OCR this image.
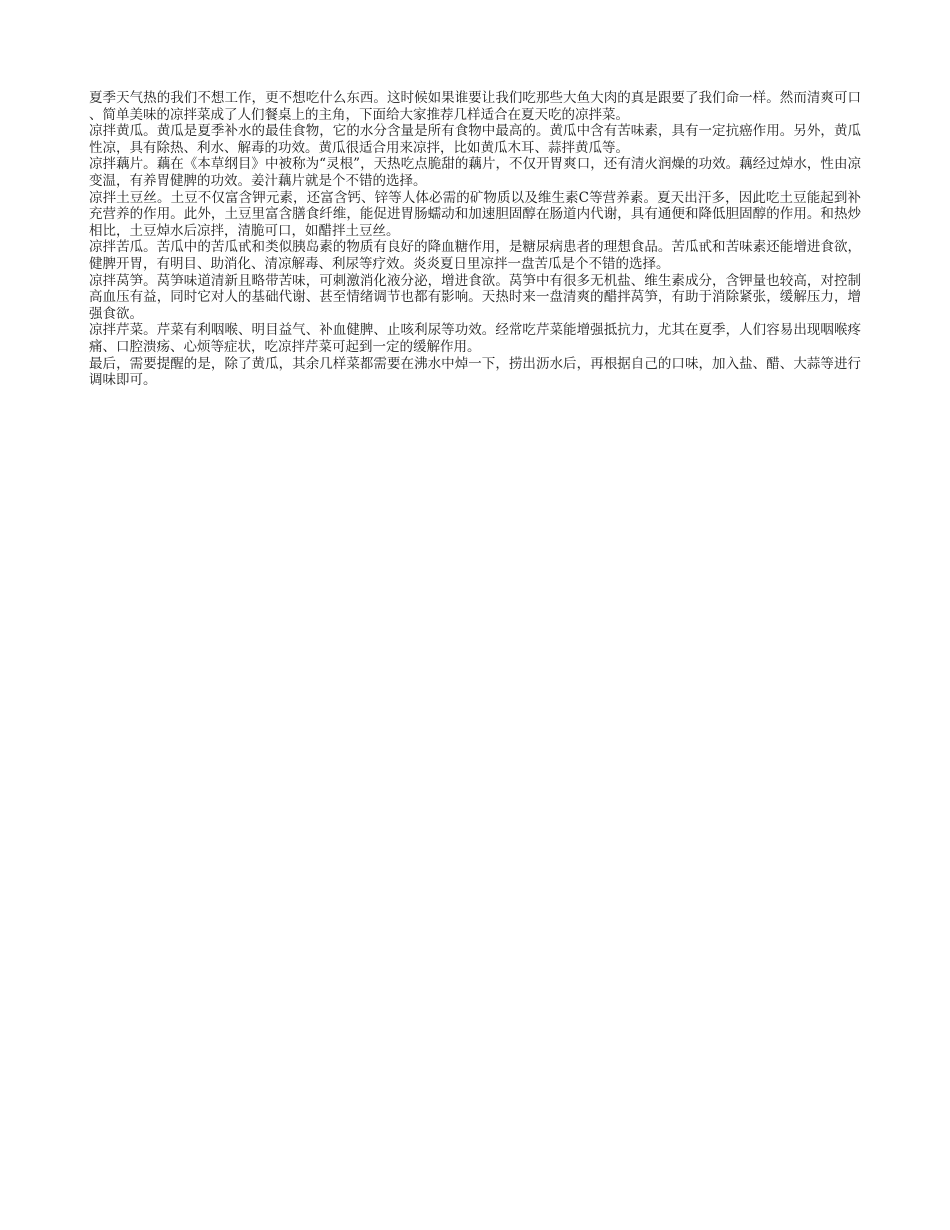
夏季天气热的我们不想工作，更不想吃什么东西。这时候如果谁要让我们吃那些大鱼大肉的真是跟要了我们命一样。然而清爽可口、简单美味的凉拌菜成了人们餐桌上的主角，下面给大家推荐几样适合在夏天吃的凉拌菜。

凉拌黄瓜。黄瓜是夏季补水的最佳食物，它的水分含量是所有食物中最高的。黄瓜中含有苦味素，具有一定抗癌作用。另外，黄瓜性凉，具有除热、利水、解毒的功效。黄瓜很适合用来凉拌，比如黄瓜木耳、蒜拌黄瓜等。

凉拌藕片。藕在《本草纲目》中被称为“灵根”，天热吃点脆甜的藕片，不仅开胃爽口，还有清火润燥的功效。藕经过焯水，性由凉变温，有养胃健脾的功效。姜汁藕片就是个不错的选择。

凉拌土豆丝。土豆不仅富含钾元素，还富含钙、锌等人体必需的矿物质以及维生素C等营养素。夏天出汗多，因此吃土豆能起到补充营养的作用。此外，土豆里富含膳食纤维，能促进胃肠蠕动和加速胆固醇在肠道内代谢，具有通便和降低胆固醇的作用。和热炒相比，土豆焯水后凉拌，清脆可口，如醋拌土豆丝。

凉拌苦瓜。苦瓜中的苦瓜甙和类似胰岛素的物质有良好的降血糖作用，是糖尿病患者的理想食品。苦瓜甙和苦味素还能增进食欲，健脾开胃，有明目、助消化、清凉解毒、利尿等疗效。炎炎夏日里凉拌一盘苦瓜是个不错的选择。

凉拌莴笋。莴笋味道清新且略带苦味，可刺激消化液分泌，增进食欲。莴笋中有很多无机盐、维生素成分，含钾量也较高，对控制高血压有益，同时它对人的基础代谢、甚至情绪调节也都有影响。天热时来一盘清爽的醋拌莴笋，有助于消除紧张，缓解压力，增强食欲。

凉拌芹菜。芹菜有利咽喉、明目益气、补血健脾、止咳利尿等功效。经常吃芹菜能增强抵抗力，尤其在夏季，人们容易出现咽喉疼痛、口腔溃疡、心烦等症状，吃凉拌芹菜可起到一定的缓解作用。

最后，需要提醒的是，除了黄瓜，其余几样菜都需要在沸水中焯一下，捞出沥水后，再根据自己的口味，加入盐、醋、大蒜等进行调味即可。
